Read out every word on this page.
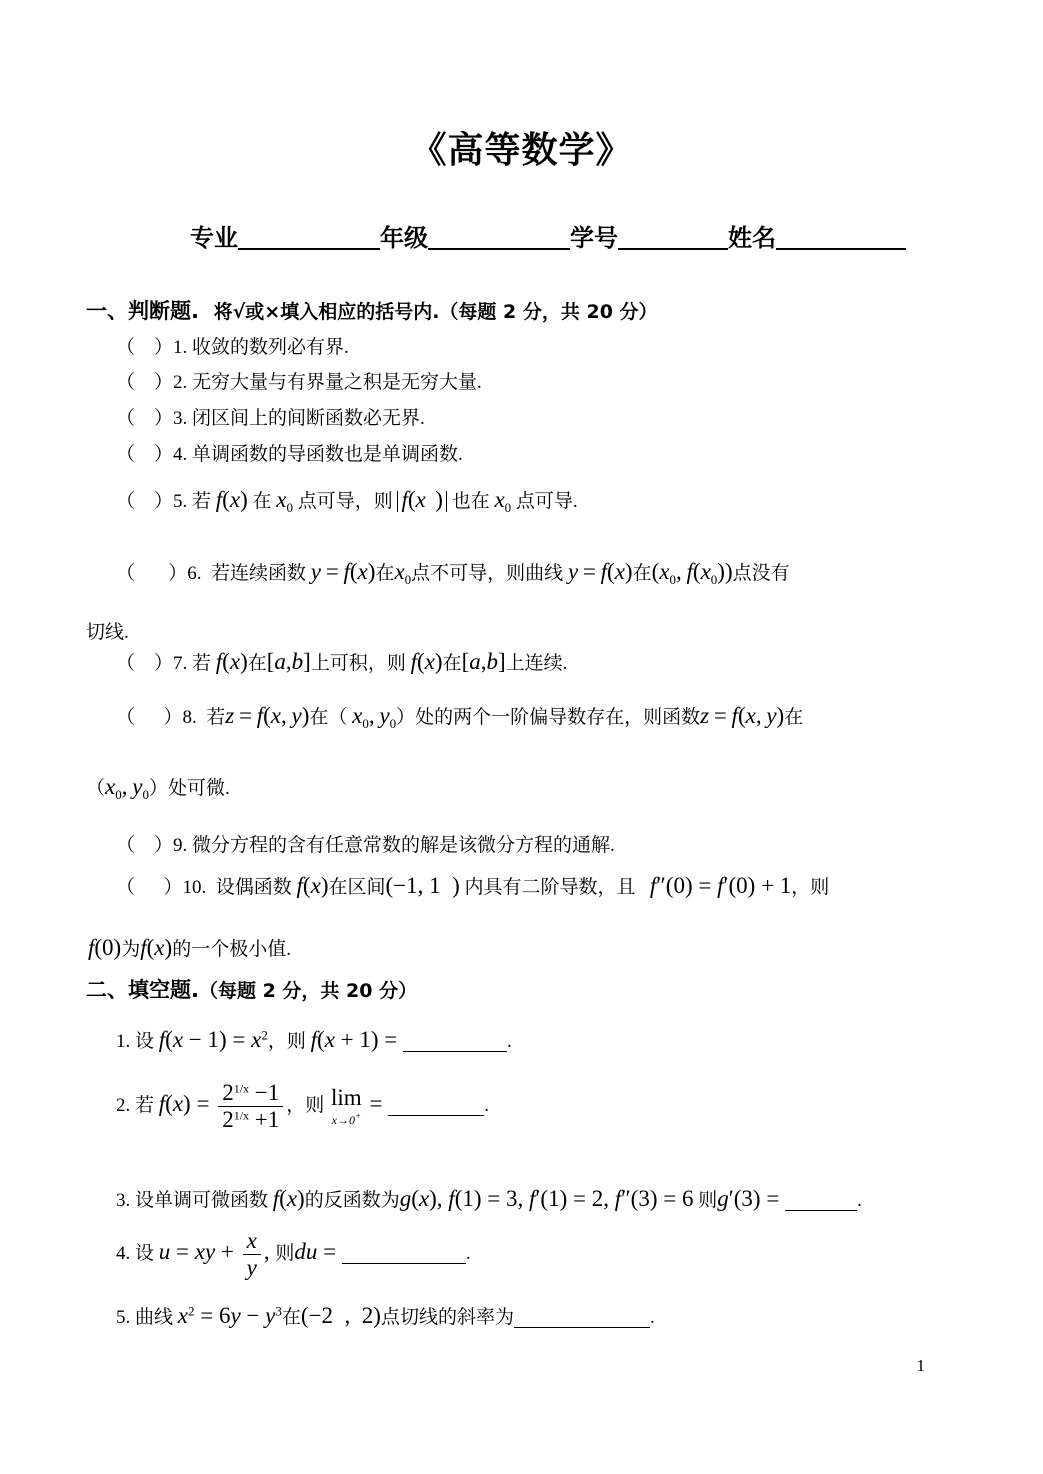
《高等数学》
专业	年级	学号	姓名
一、判断题. 将√或×填入相应的括号内.（每题 2 分，共 20 分）
（    ）1. 收敛的数列必有界.
（    ）2. 无穷大量与有界量之积是无穷大量.
（    ）3. 闭区间上的间断函数必无界.
（    ）4. 单调函数的导函数也是单调函数.
（    ）5. 若 f(x) 在 $x_0$ 点可导，则 f(x ) 也在 $x_0$ 点可导.
（       ）6. 若连续函数 y = f(x)在$x_0$点不可导，则曲线 y = f(x)在($x_0$, $f(x_0)$)点没有
切线.
（    ）7. 若 f(x)在[a,b]上可积，则 f(x)在[a,b]上连续.
（      ）8. 若z = f(x, y)在（ $x_0$, $y_0$）处的两个一阶偏导数存在，则函数z = f(x, y)在
（$x_0$, $y_0$）处可微.
（    ）9. 微分方程的含有任意常数的解是该微分方程的通解.
（      ）10. 设偶函数 f(x)在区间(−1, 1  ) 内具有二阶导数，且 f″(0) = f′(0) + 1，则
f(0)为f(x)的一个极小值.
二、填空题.（每题 2 分，共 20 分）
1. 设 $f(x - 1) = x^2$，则 f(x + 1) =	.
2. 若 $f(x) = \frac{2^{1/x} -1}{2^{1/x} +1}$ ，则 lim
x→0+
=	.
3. 设单调可微函数 f(x)的反函数为g(x), f(1) = 3, f′(1) = 2, f″(3) = 6 则g′(3) =	.
4. 设 u = xy + $\frac{x}{y}$ , 则du =	.
5. 曲线 $x^2 = 6y - y^3$在(−2  ,  2)点切线的斜率为	.
1
